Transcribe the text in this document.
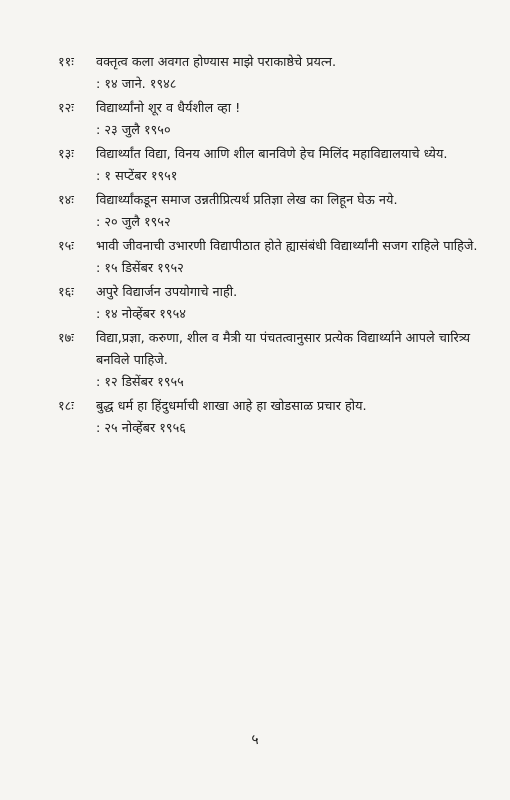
११ः	वक्तृत्व कला अवगत होण्यास माझे पराकाष्ठेचे प्रयत्न.
: १४ जाने. १९४८
१२ः	विद्यार्थ्यांनो शूर व धैर्यशील व्हा !
: २३ जुलै १९५०
१३ः	विद्यार्थ्यांत विद्या, विनय आणि शील बानविणे हेच मिलिंद महाविद्यालयाचे ध्येय.
: १ सप्टेंबर १९५१
१४ः	विद्यार्थ्यांकडून समाज उन्नतीप्रित्यर्थ प्रतिज्ञा लेख का लिहून घेऊ नये.
: २० जुलै १९५२
१५ः	भावी जीवनाची उभारणी विद्यापीठात होते ह्यासंबंधी विद्यार्थ्यांनी सजग राहिले पाहिजे.
: १५ डिसेंबर १९५२
१६ः	अपुरे विद्यार्जन उपयोगाचे नाही.
: १४ नोव्हेंबर १९५४
१७ः	विद्या,प्रज्ञा, करुणा, शील व मैत्री या पंचतत्वानुसार प्रत्येक विद्यार्थ्याने आपले चारित्र्य बनविले पाहिजे.
: १२ डिसेंबर १९५५
१८ः	बुद्ध धर्म हा हिंदुधर्माची शाखा आहे हा खोडसाळ प्रचार होय.
: २५ नोव्हेंबर १९५६
५
